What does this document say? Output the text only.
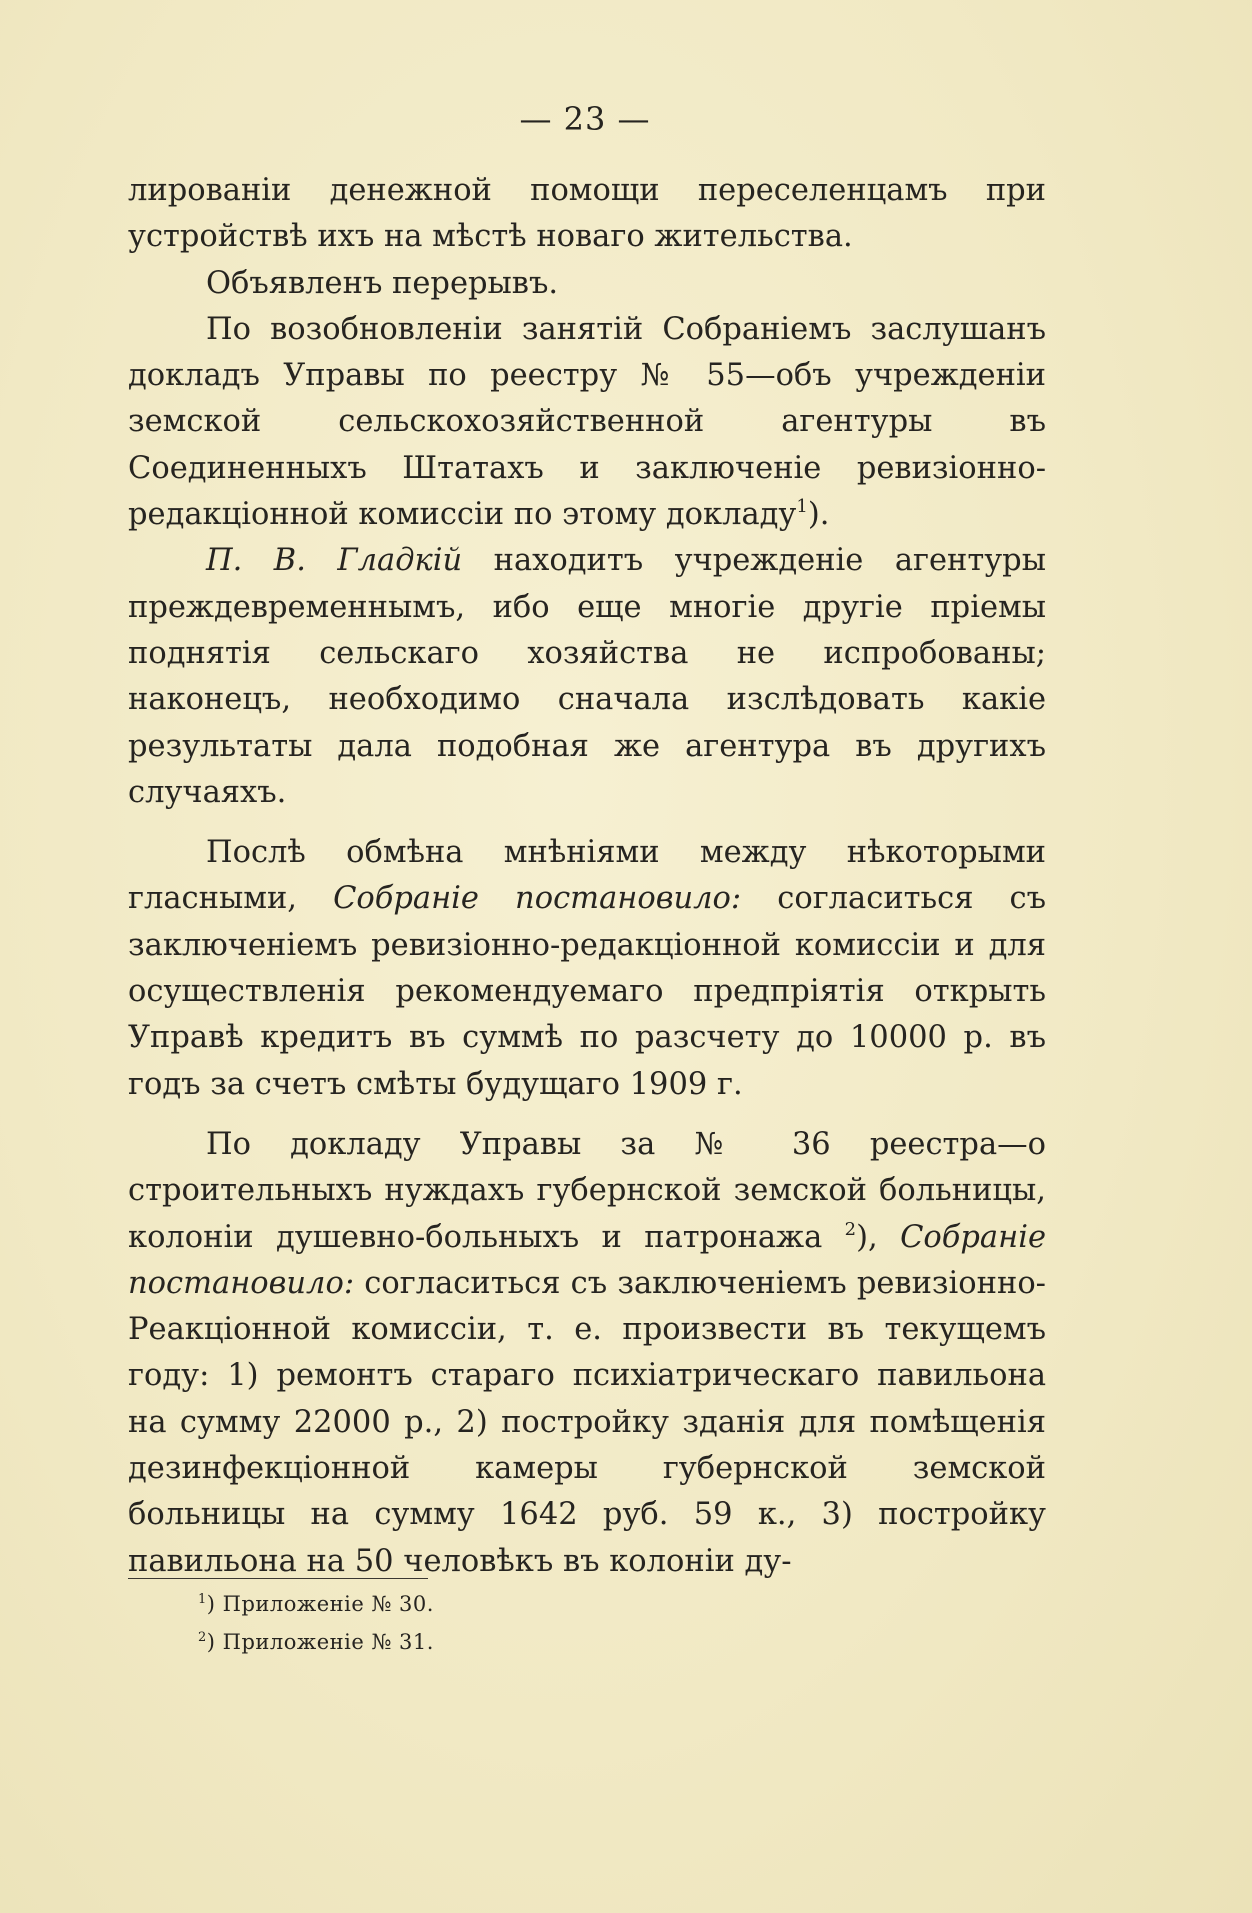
— 23 —

лированіи денежной помощи переселенцамъ при устройствѣ ихъ на мѣстѣ новаго жительства.

Объявленъ перерывъ.

По возобновленіи занятій Собраніемъ заслушанъ докладъ Управы по реестру № 55—объ учрежденіи земской сельскохозяйственной агентуры въ Соединенныхъ Штатахъ и заключеніе ревизіонно-редакціонной комиссіи по этому докладу$^1$).

П. В. Гладкій находитъ учрежденіе агентуры преждевременнымъ, ибо еще многіе другіе пріемы поднятія сельскаго хозяйства не испробованы; наконецъ, необходимо сначала изслѣдовать какіе результаты дала подобная же агентура въ другихъ случаяхъ.

Послѣ обмѣна мнѣніями между нѣкоторыми гласными, Собраніе постановило: согласиться съ заключеніемъ ревизіонно-редакціонной комиссіи и для осуществленія рекомендуемаго предпріятія открыть Управѣ кредитъ въ суммѣ по разсчету до 10000 р. въ годъ за счетъ смѣты будущаго 1909 г.

По докладу Управы за № 36 реестра—о строительныхъ нуждахъ губернской земской больницы, колоніи душевно-больныхъ и патронажа $^2$), Собраніе постановило: согласиться съ заключеніемъ ревизіонно-Реакціонной комиссіи, т. е. произвести въ текущемъ году: 1) ремонтъ стараго психіатрическаго павильона на сумму 22000 р., 2) постройку зданія для помѣщенія дезинфекціонной камеры губернской земской больницы на сумму 1642 руб. 59 к., 3) постройку павильона на 50 человѣкъ въ колоніи ду-

$^1$) Приложеніе № 30.

$^2$) Приложеніе № 31.
